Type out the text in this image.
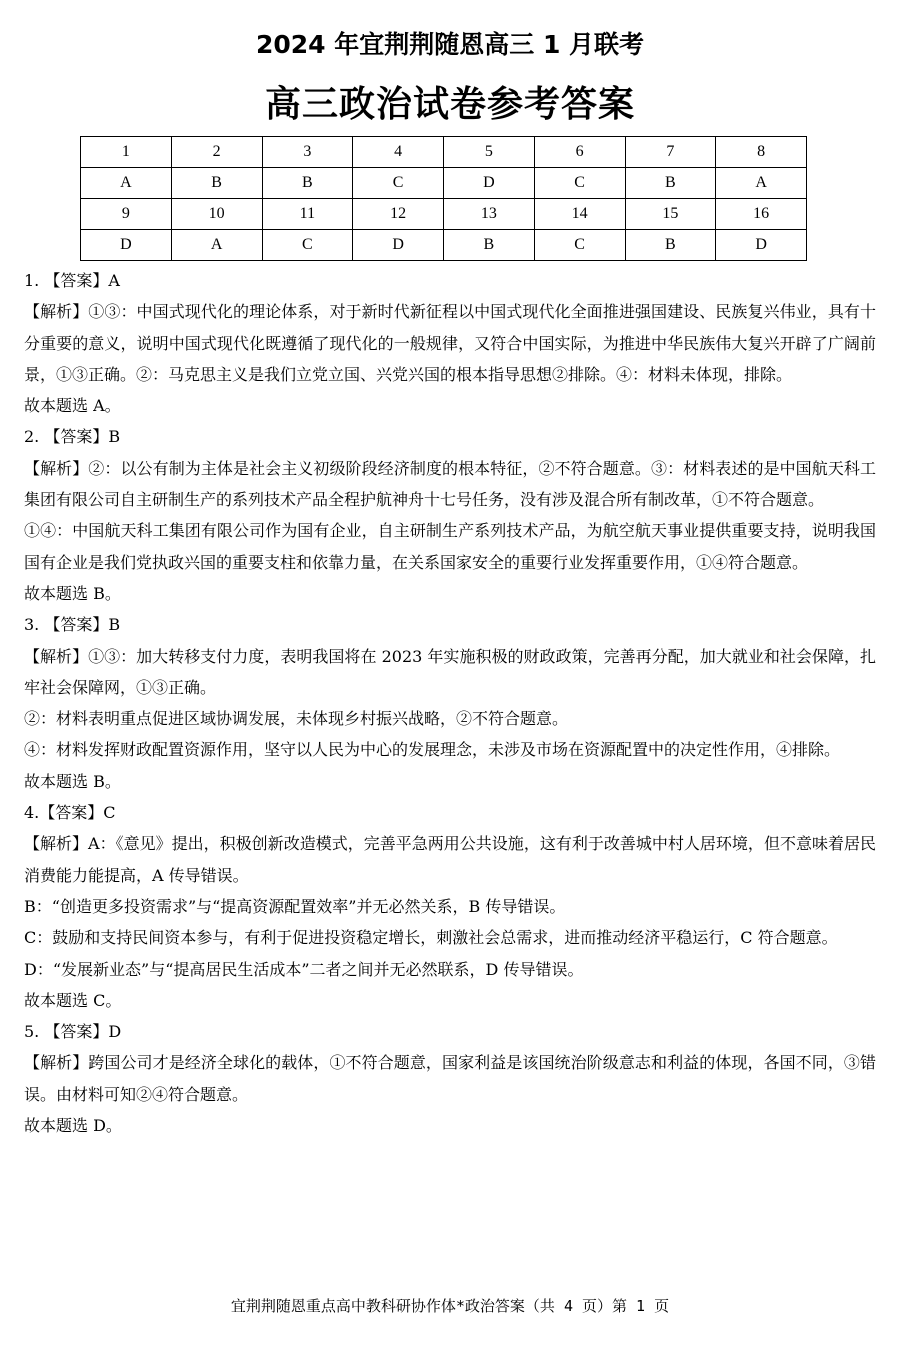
2024 年宜荆荆随恩高三 1 月联考
高三政治试卷参考答案
1	2	3	4	5	6	7	8
A	B	B	C	D	C	B	A
9	10	11	12	13	14	15	16
D	A	C	D	B	C	B	D

1. 【答案】A

【解析】①③：中国式现代化的理论体系，对于新时代新征程以中国式现代化全面推进强国建设、民族复兴伟业，具有十分重要的意义，说明中国式现代化既遵循了现代化的一般规律，又符合中国实际，为推进中华民族伟大复兴开辟了广阔前景，①③正确。②：马克思主义是我们立党立国、兴党兴国的根本指导思想②排除。④：材料未体现，排除。

故本题选 A。

2. 【答案】B

【解析】②：以公有制为主体是社会主义初级阶段经济制度的根本特征，②不符合题意。③：材料表述的是中国航天科工集团有限公司自主研制生产的系列技术产品全程护航神舟十七号任务，没有涉及混合所有制改革，①不符合题意。

①④：中国航天科工集团有限公司作为国有企业，自主研制生产系列技术产品，为航空航天事业提供重要支持，说明我国国有企业是我们党执政兴国的重要支柱和依靠力量，在关系国家安全的重要行业发挥重要作用，①④符合题意。

故本题选 B。

3. 【答案】B

【解析】①③：加大转移支付力度，表明我国将在 2023 年实施积极的财政政策，完善再分配，加大就业和社会保障，扎牢社会保障网，①③正确。

②：材料表明重点促进区域协调发展，未体现乡村振兴战略，②不符合题意。

④：材料发挥财政配置资源作用，坚守以人民为中心的发展理念，未涉及市场在资源配置中的决定性作用，④排除。

故本题选 B。

4.【答案】C

【解析】A：《意见》提出，积极创新改造模式，完善平急两用公共设施，这有利于改善城中村人居环境，但不意味着居民消费能力能提高，A 传导错误。

B：“创造更多投资需求”与“提高资源配置效率”并无必然关系，B 传导错误。

C：鼓励和支持民间资本参与，有利于促进投资稳定增长，刺激社会总需求，进而推动经济平稳运行，C 符合题意。

D：“发展新业态”与“提高居民生活成本”二者之间并无必然联系，D 传导错误。

故本题选 C。

5. 【答案】D

【解析】跨国公司才是经济全球化的载体，①不符合题意，国家利益是该国统治阶级意志和利益的体现，各国不同，③错误。由材料可知②④符合题意。

故本题选 D。

宜荆荆随恩重点高中教科研协作体*政治答案（共 4 页）第 1 页
